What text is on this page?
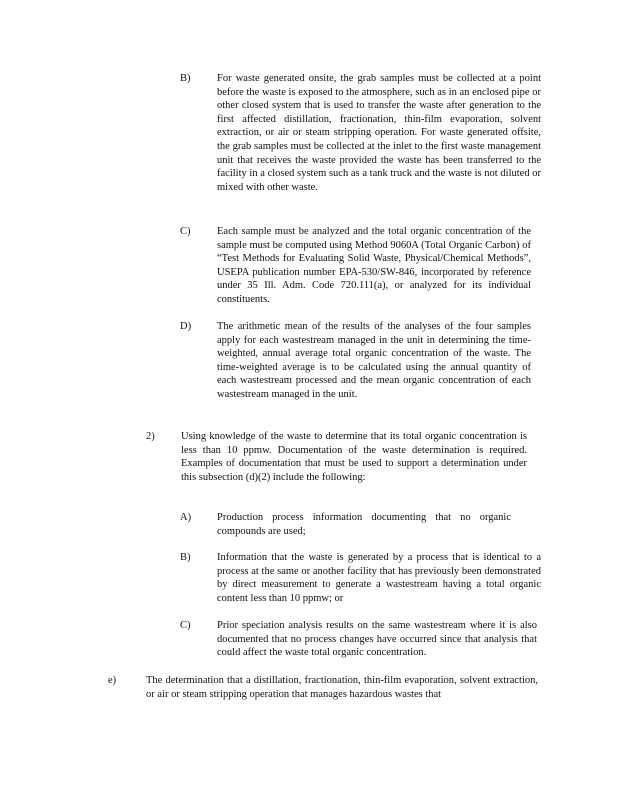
B)	For waste generated onsite, the grab samples must be collected at a point before the waste is exposed to the atmosphere, such as in an enclosed pipe or other closed system that is used to transfer the waste after generation to the first affected distillation, fractionation, thin-film evaporation, solvent extraction, or air or steam stripping operation. For waste generated offsite, the grab samples must be collected at the inlet to the first waste management unit that receives the waste provided the waste has been transferred to the facility in a closed system such as a tank truck and the waste is not diluted or mixed with other waste.
C)	Each sample must be analyzed and the total organic concentration of the sample must be computed using Method 9060A (Total Organic Carbon) of “Test Methods for Evaluating Solid Waste, Physical/Chemical Methods”, USEPA publication number EPA-530/SW-846, incorporated by reference under 35 Ill. Adm. Code 720.111(a), or analyzed for its individual constituents.
D) The arithmetic mean of the results of the analyses of the four samples apply for each wastestream managed in the unit in determining the time-weighted, annual average total organic concentration of the waste. The time-weighted average is to be calculated using the annual quantity of each wastestream processed and the mean organic concentration of each wastestream managed in the unit.
2)	Using knowledge of the waste to determine that its total organic concentration is less than 10 ppmw. Documentation of the waste determination is required. Examples of documentation that must be used to support a determination under this subsection (d)(2) include the following:
A) Production process information documenting that no organic compounds are used;
B)	Information that the waste is generated by a process that is identical to a process at the same or another facility that has previously been demonstrated by direct measurement to generate a wastestream having a total organic content less than 10 ppmw; or
C)	Prior speciation analysis results on the same wastestream where it is also documented that no process changes have occurred since that analysis that could affect the waste total organic concentration.
e)	The determination that a distillation, fractionation, thin-film evaporation, solvent extraction, or air or steam stripping operation that manages hazardous wastes that
